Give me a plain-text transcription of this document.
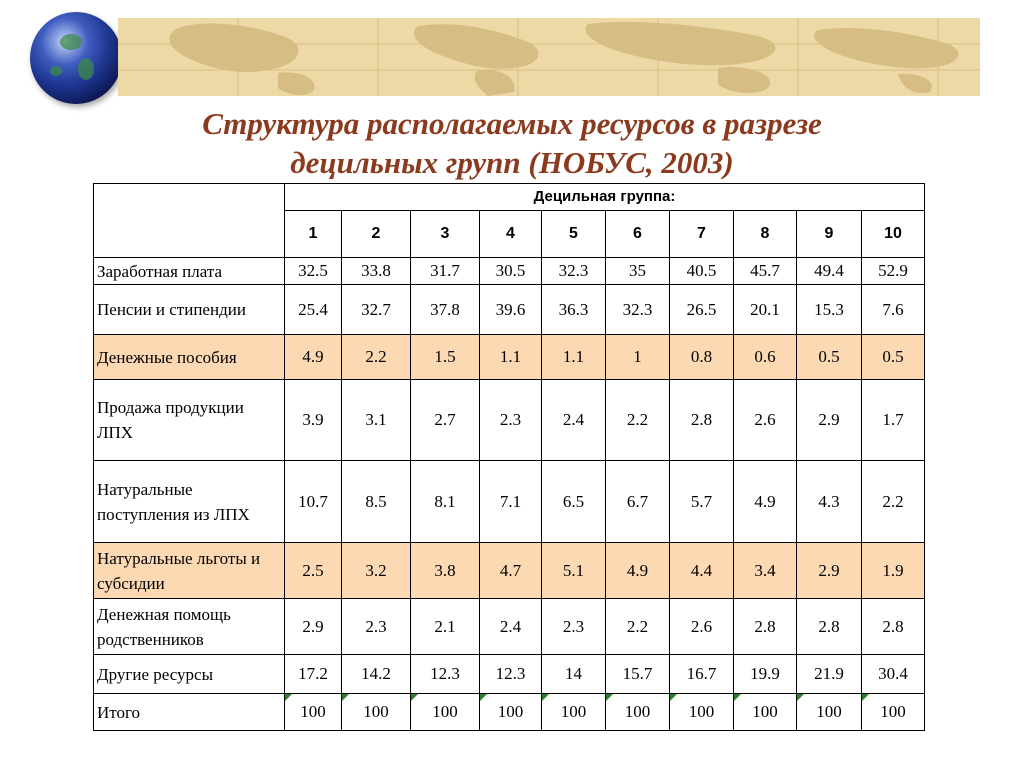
Структура располагаемых ресурсов в разрезе
децильных групп (НОБУС, 2003)
	Децильная группа:									
	1	2	3	4	5	6	7	8	9	10
Заработная плата	32.5	33.8	31.7	30.5	32.3	35	40.5	45.7	49.4	52.9
Пенсии и стипендии	25.4	32.7	37.8	39.6	36.3	32.3	26.5	20.1	15.3	7.6
Денежные пособия	4.9	2.2	1.5	1.1	1.1	1	0.8	0.6	0.5	0.5
Продажа продукции ЛПХ	3.9	3.1	2.7	2.3	2.4	2.2	2.8	2.6	2.9	1.7
Натуральные поступления из ЛПХ	10.7	8.5	8.1	7.1	6.5	6.7	5.7	4.9	4.3	2.2
Натуральные льготы и субсидии	2.5	3.2	3.8	4.7	5.1	4.9	4.4	3.4	2.9	1.9
Денежная помощь родственников	2.9	2.3	2.1	2.4	2.3	2.2	2.6	2.8	2.8	2.8
Другие ресурсы	17.2	14.2	12.3	12.3	14	15.7	16.7	19.9	21.9	30.4
Итого	100	100	100	100	100	100	100	100	100	100
